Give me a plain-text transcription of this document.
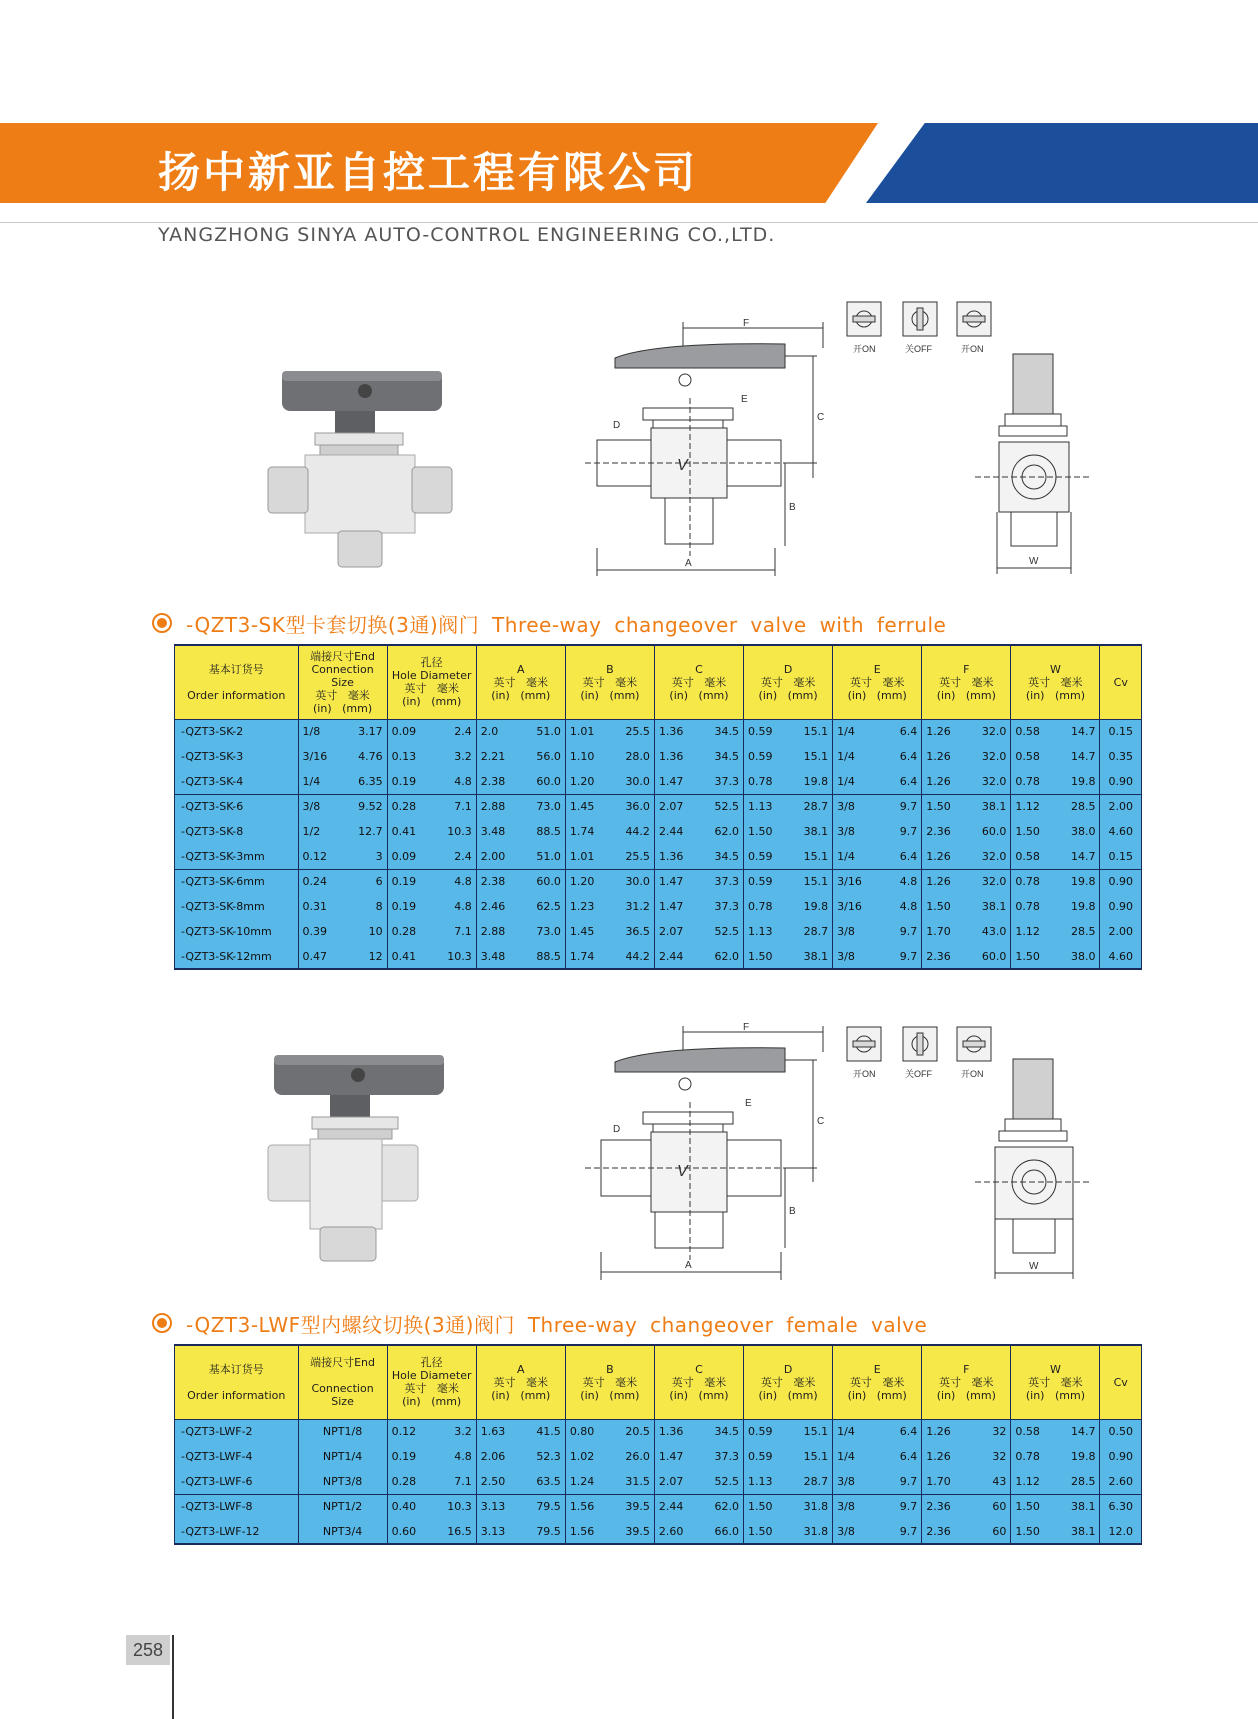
扬中新亚自控工程有限公司
YANGZHONG SINYA AUTO-CONTROL ENGINEERING CO.,LTD.
F
C
E
D
B
A
V
开ON	关OFF	开ON
W
-QZT3-SK型卡套切换(3通)阀门 Three-way changeover valve with ferrule
基本订货号

Order information	端接尺寸End
Connection Size
英寸 毫米
(in) (mm)		孔径
Hole Diameter
英寸 毫米
(in) (mm)		A
英寸 毫米
(in) (mm)		B
英寸 毫米
(in) (mm)		C
英寸 毫米
(in) (mm)		D
英寸 毫米
(in) (mm)		E
英寸 毫米
(in) (mm)		F
英寸 毫米
(in) (mm)		W
英寸 毫米
(in) (mm)		Cv
-QZT3-SK-2	1/8	3.17	0.09	2.4	2.0	51.0	1.01	25.5	1.36	34.5	0.59	15.1	1/4	6.4	1.26	32.0	0.58	14.7	0.15
-QZT3-SK-3	3/16	4.76	0.13	3.2	2.21	56.0	1.10	28.0	1.36	34.5	0.59	15.1	1/4	6.4	1.26	32.0	0.58	14.7	0.35
-QZT3-SK-4	1/4	6.35	0.19	4.8	2.38	60.0	1.20	30.0	1.47	37.3	0.78	19.8	1/4	6.4	1.26	32.0	0.78	19.8	0.90
-QZT3-SK-6	3/8	9.52	0.28	7.1	2.88	73.0	1.45	36.0	2.07	52.5	1.13	28.7	3/8	9.7	1.50	38.1	1.12	28.5	2.00
-QZT3-SK-8	1/2	12.7	0.41	10.3	3.48	88.5	1.74	44.2	2.44	62.0	1.50	38.1	3/8	9.7	2.36	60.0	1.50	38.0	4.60
-QZT3-SK-3mm	0.12	3	0.09	2.4	2.00	51.0	1.01	25.5	1.36	34.5	0.59	15.1	1/4	6.4	1.26	32.0	0.58	14.7	0.15
-QZT3-SK-6mm	0.24	6	0.19	4.8	2.38	60.0	1.20	30.0	1.47	37.3	0.59	15.1	3/16	4.8	1.26	32.0	0.78	19.8	0.90
-QZT3-SK-8mm	0.31	8	0.19	4.8	2.46	62.5	1.23	31.2	1.47	37.3	0.78	19.8	3/16	4.8	1.50	38.1	0.78	19.8	0.90
-QZT3-SK-10mm	0.39	10	0.28	7.1	2.88	73.0	1.45	36.5	2.07	52.5	1.13	28.7	3/8	9.7	1.70	43.0	1.12	28.5	2.00
-QZT3-SK-12mm	0.47	12	0.41	10.3	3.48	88.5	1.74	44.2	2.44	62.0	1.50	38.1	3/8	9.7	2.36	60.0	1.50	38.0	4.60
F
C
E
D
B
A
V
开ON	关OFF	开ON
W
-QZT3-LWF型内螺纹切换(3通)阀门 Three-way changeover female valve
基本订货号

Order information	端接尺寸End

Connection Size	孔径
Hole Diameter
英寸 毫米
(in) (mm)		A
英寸 毫米
(in) (mm)		B
英寸 毫米
(in) (mm)		C
英寸 毫米
(in) (mm)		D
英寸 毫米
(in) (mm)		E
英寸 毫米
(in) (mm)		F
英寸 毫米
(in) (mm)		W
英寸 毫米
(in) (mm)		Cv
-QZT3-LWF-2	NPT1/8	0.12	3.2	1.63	41.5	0.80	20.5	1.36	34.5	0.59	15.1	1/4	6.4	1.26	32	0.58	14.7	0.50
-QZT3-LWF-4	NPT1/4	0.19	4.8	2.06	52.3	1.02	26.0	1.47	37.3	0.59	15.1	1/4	6.4	1.26	32	0.78	19.8	0.90
-QZT3-LWF-6	NPT3/8	0.28	7.1	2.50	63.5	1.24	31.5	2.07	52.5	1.13	28.7	3/8	9.7	1.70	43	1.12	28.5	2.60
-QZT3-LWF-8	NPT1/2	0.40	10.3	3.13	79.5	1.56	39.5	2.44	62.0	1.50	31.8	3/8	9.7	2.36	60	1.50	38.1	6.30
-QZT3-LWF-12	NPT3/4	0.60	16.5	3.13	79.5	1.56	39.5	2.60	66.0	1.50	31.8	3/8	9.7	2.36	60	1.50	38.1	12.0
258
